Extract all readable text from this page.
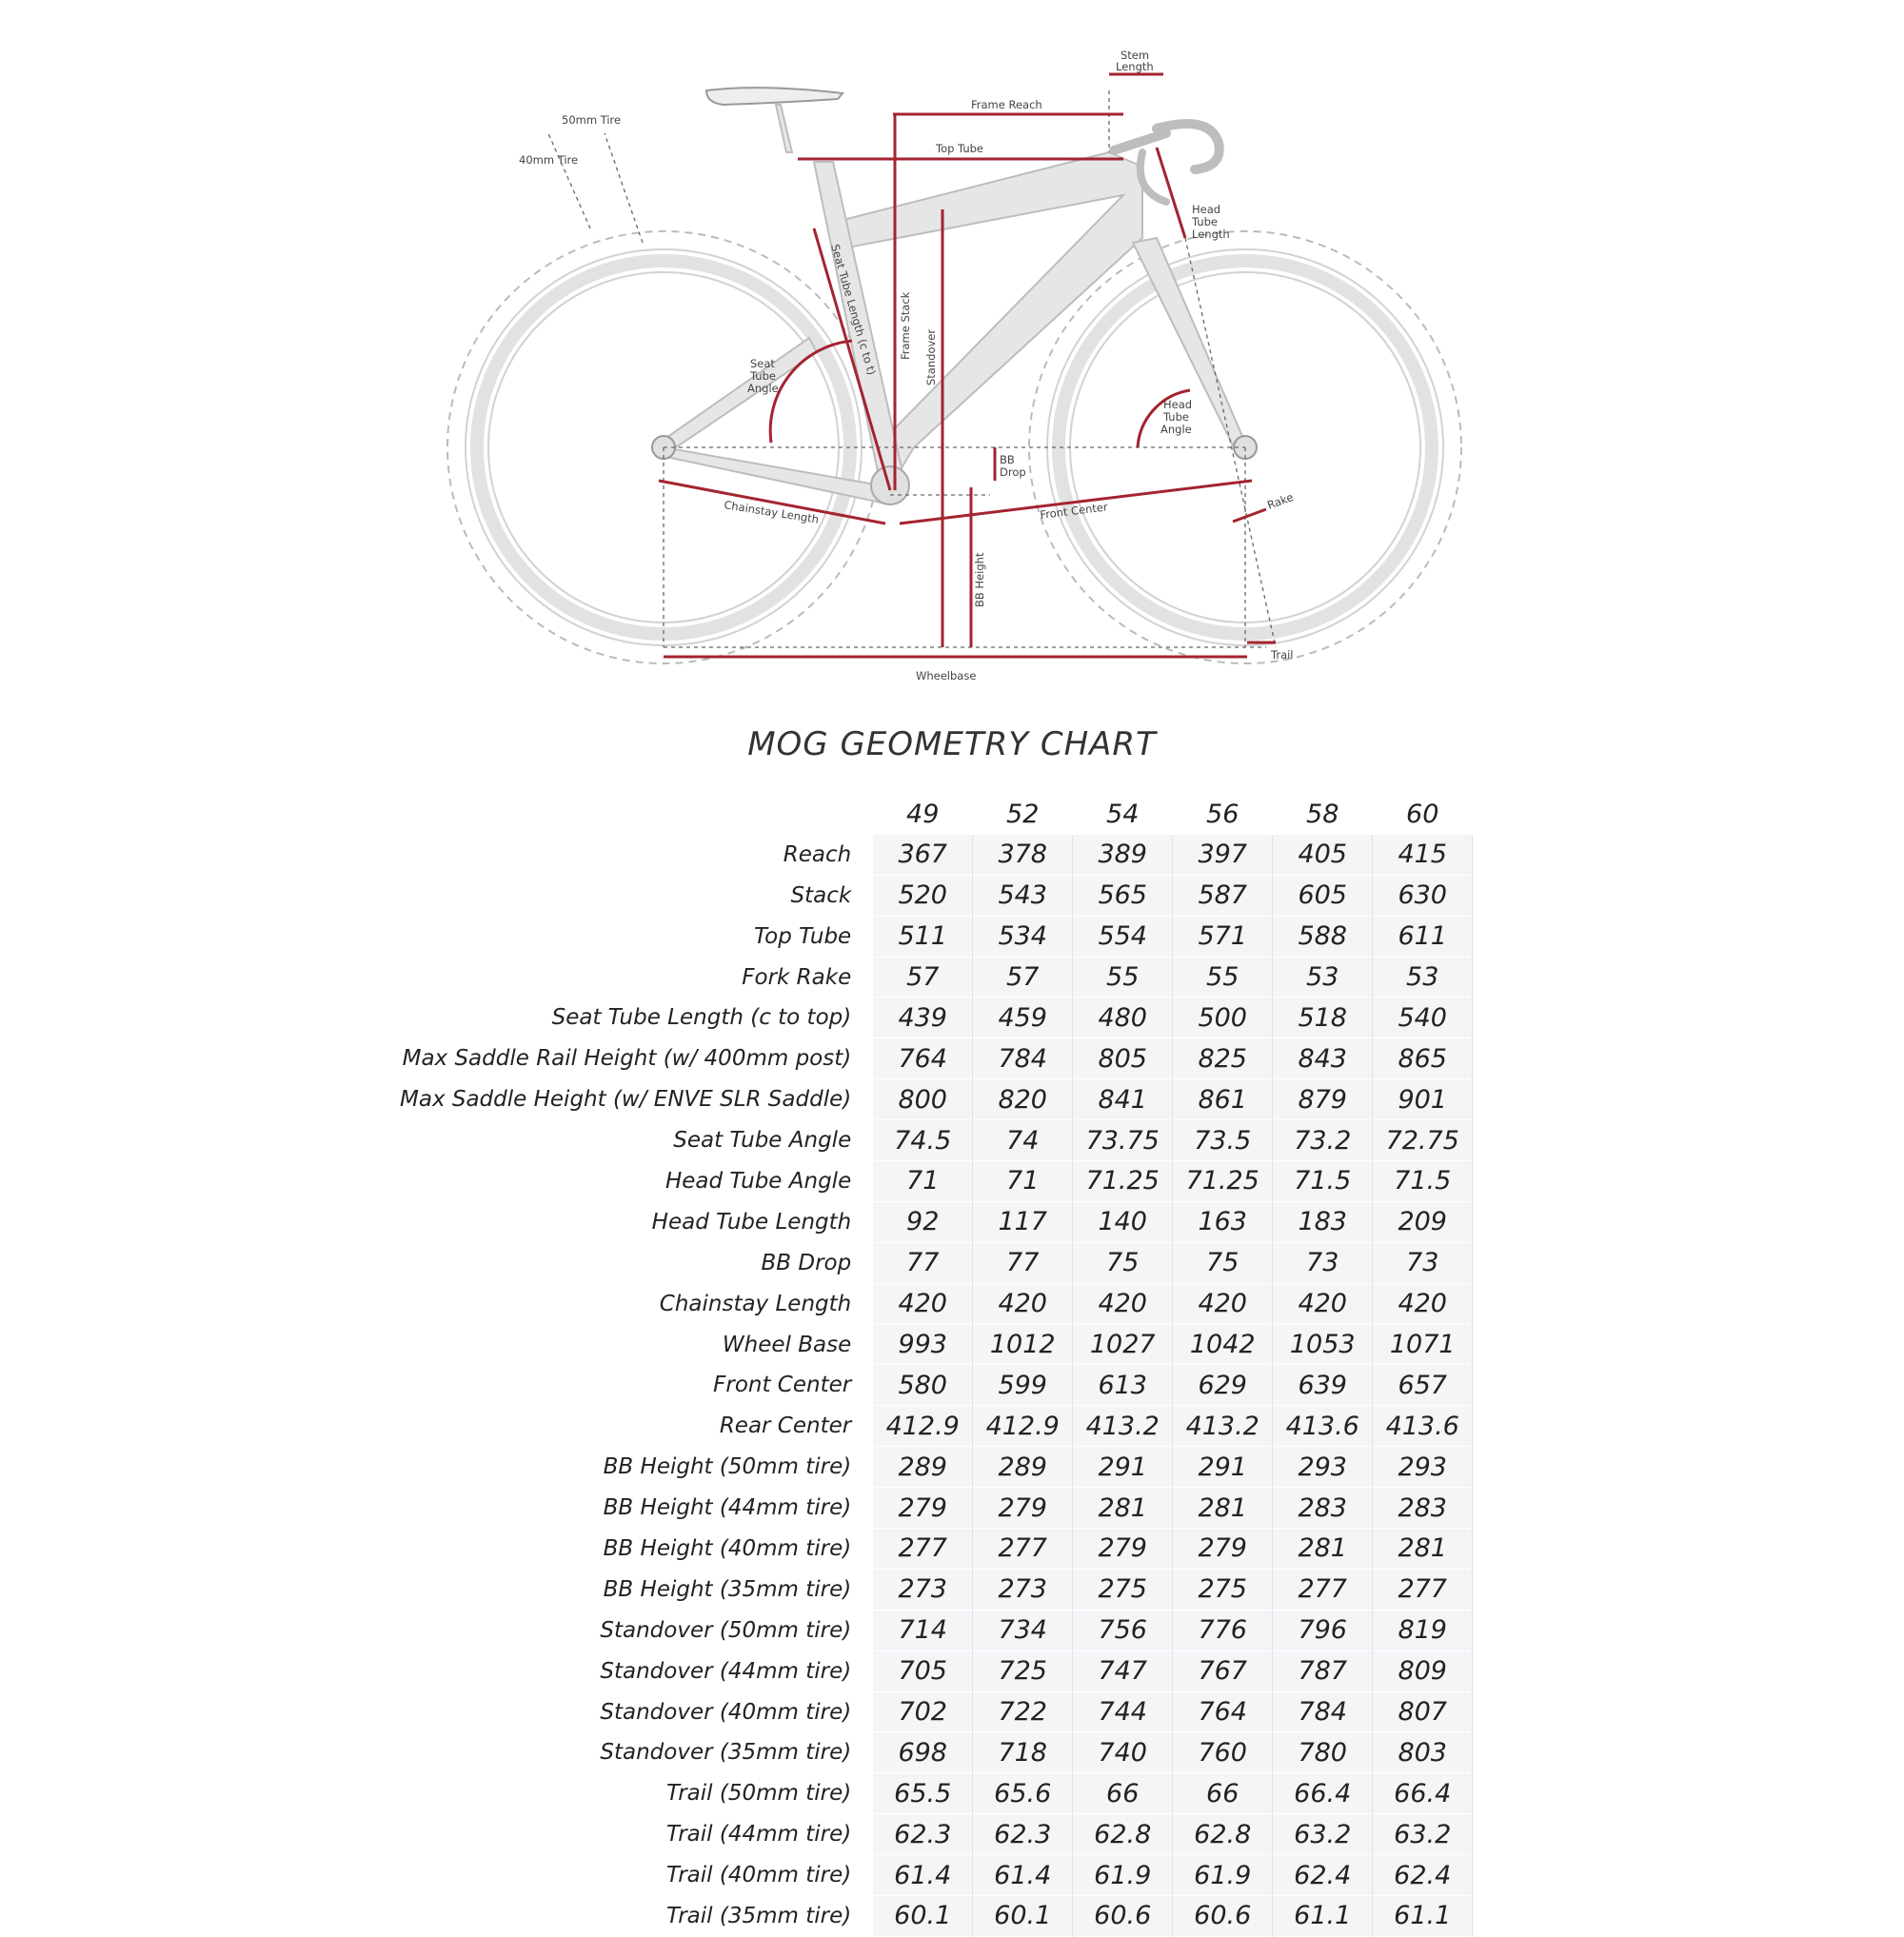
Stem
Length
Frame Reach
Top Tube
50mm Tire
40mm Tire
Head
Tube
Length
Seat Tube Length (c to t) Frame Stack Standover
Seat
Tube
Angle
Head
Tube
Angle
BB
Drop
Chainstay Length	Front Center	Rake
BB Height
Trail
Wheelbase
MOG GEOMETRY CHART
	49	52	54	56	58	60
Reach	367	378	389	397	405	415
Stack	520	543	565	587	605	630
Top Tube	511	534	554	571	588	611
Fork Rake	57	57	55	55	53	53
Seat Tube Length (c to top)	439	459	480	500	518	540
Max Saddle Rail Height (w/ 400mm post)	764	784	805	825	843	865
Max Saddle Height (w/ ENVE SLR Saddle)	800	820	841	861	879	901
Seat Tube Angle	74.5	74	73.75	73.5	73.2	72.75
Head Tube Angle	71	71	71.25	71.25	71.5	71.5
Head Tube Length	92	117	140	163	183	209
BB Drop	77	77	75	75	73	73
Chainstay Length	420	420	420	420	420	420
Wheel Base	993	1012	1027	1042	1053	1071
Front Center	580	599	613	629	639	657
Rear Center	412.9	412.9	413.2	413.2	413.6	413.6
BB Height (50mm tire)	289	289	291	291	293	293
BB Height (44mm tire)	279	279	281	281	283	283
BB Height (40mm tire)	277	277	279	279	281	281
BB Height (35mm tire)	273	273	275	275	277	277
Standover (50mm tire)	714	734	756	776	796	819
Standover (44mm tire)	705	725	747	767	787	809
Standover (40mm tire)	702	722	744	764	784	807
Standover (35mm tire)	698	718	740	760	780	803
Trail (50mm tire)	65.5	65.6	66	66	66.4	66.4
Trail (44mm tire)	62.3	62.3	62.8	62.8	63.2	63.2
Trail (40mm tire)	61.4	61.4	61.9	61.9	62.4	62.4
Trail (35mm tire)	60.1	60.1	60.6	60.6	61.1	61.1
